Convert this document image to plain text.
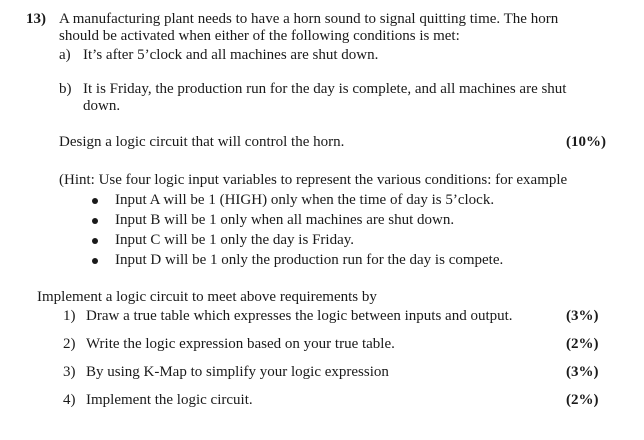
13) A manufacturing plant needs to have a horn sound to signal quitting time. The horn
should be activated when either of the following conditions is met:
a) It’s after 5’clock and all machines are shut down.
b) It is Friday, the production run for the day is complete, and all machines are shut
down.
Design a logic circuit that will control the horn.	(10%)
(Hint: Use four logic input variables to represent the various conditions: for example
Input A will be 1 (HIGH) only when the time of day is 5’clock.
Input B will be 1 only when all machines are shut down.
Input C will be 1 only the day is Friday.
Input D will be 1 only the production run for the day is compete.
Implement a logic circuit to meet above requirements by
1) Draw a true table which expresses the logic between inputs and output.	(3%)
2) Write the logic expression based on your true table.	(2%)
3) By using K-Map to simplify your logic expression	(3%)
4) Implement the logic circuit.	(2%)
